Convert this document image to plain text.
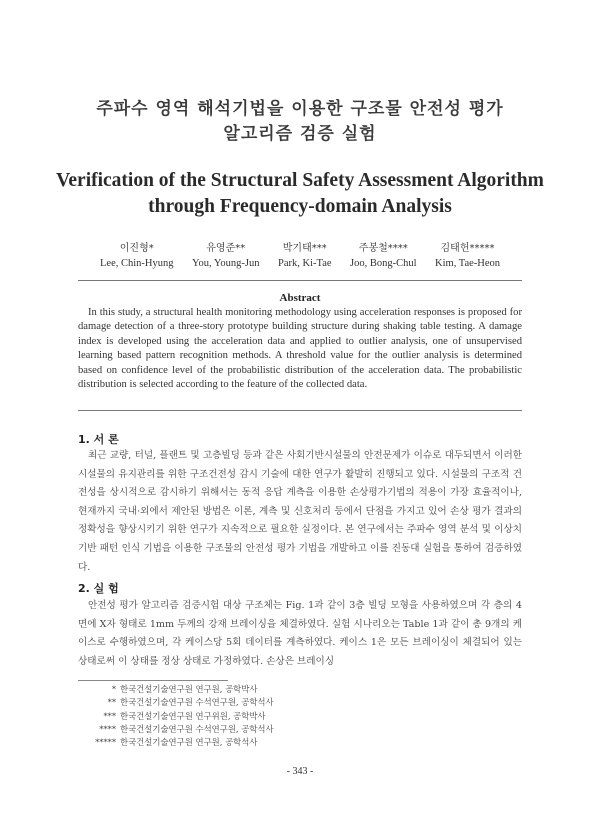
주파수 영역 해석기법을 이용한 구조물 안전성 평가
알고리즘 검증 실험
Verification of the Structural Safety Assessment Algorithm
through Frequency-domain Analysis
이진형*
Lee, Chin-Hyung
유영준**
You, Young-Jun
박기태***
Park, Ki-Tae
주봉철****
Joo, Bong-Chul
김태헌*****
Kim, Tae-Heon
Abstract
In this study, a structural health monitoring methodology using acceleration responses is proposed for damage detection of a three-story prototype building structure during shaking table testing. A damage index is developed using the acceleration data and applied to outlier analysis, one of unsupervised learning based pattern recognition methods. A threshold value for the outlier analysis is determined based on confidence level of the probabilistic distribution of the acceleration data. The probabilistic distribution is selected according to the feature of the collected data.
1. 서 론
최근 교량, 터널, 플랜트 및 고층빌딩 등과 같은 사회기반시설물의 안전문제가 이슈로 대두되면서 이러한 시설물의 유지관리를 위한 구조건전성 감시 기술에 대한 연구가 활발히 진행되고 있다. 시설물의 구조적 건전성을 상시적으로 감시하기 위해서는 동적 응답 계측을 이용한 손상평가기법의 적용이 가장 효율적이나, 현재까지 국내·외에서 제안된 방법은 이론, 계측 및 신호처리 등에서 단점을 가지고 있어 손상 평가 결과의 정확성을 향상시키기 위한 연구가 지속적으로 필요한 실정이다. 본 연구에서는 주파수 영역 분석 및 이상치 기반 패턴 인식 기법을 이용한 구조물의 안전성 평가 기법을 개발하고 이를 진동대 실험을 통하여 검증하였다.
2. 실 험
안전성 평가 알고리즘 검증시험 대상 구조체는 Fig. 1과 같이 3층 빌딩 모형을 사용하였으며 각 층의 4면에 X자 형태로 1mm 두께의 강재 브레이싱을 체결하였다. 실험 시나리오는 Table 1과 같이 총 9개의 케이스로 수행하였으며, 각 케이스당 5회 데이터를 계측하였다. 케이스 1은 모든 브레이싱이 체결되어 있는 상태로써 이 상태를 정상 상태로 가정하였다. 손상은 브레이싱
* 한국건설기술연구원 연구원, 공학박사
** 한국건설기술연구원 수석연구원, 공학석사
*** 한국건설기술연구원 연구위원, 공학박사
**** 한국건설기술연구원 수석연구원, 공학석사
***** 한국건설기술연구원 연구원, 공학석사
- 343 -
